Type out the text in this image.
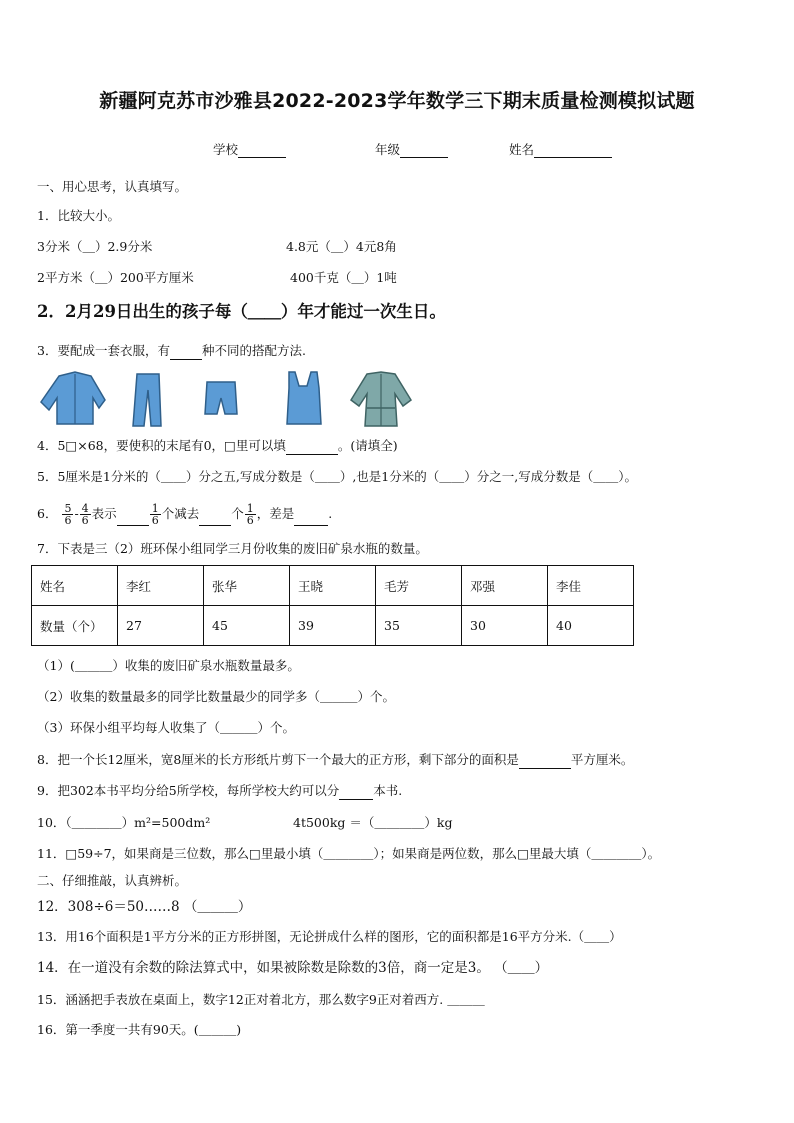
新疆阿克苏市沙雅县2022-2023学年数学三下期末质量检测模拟试题
学校	年级	姓名
一、用心思考，认真填写。
1．比较大小。
3分米（＿）2.9分米	4.8元（＿）4元8角
2平方米（＿）200平方厘米	400千克（＿）1吨
2．2月29日出生的孩子每（＿＿）年才能过一次生日。
3．要配成一套衣服，有	种不同的搭配方法.
4．5□×68，要使积的末尾有0，□里可以填	。(请填全)
5．5厘米是1分米的（＿＿）分之五,写成分数是（＿＿）,也是1分米的（＿＿）分之一,写成分数是（＿＿）。
6． $\frac{5}{6} - \frac{4}{6}$ 表示	$\frac{1}{6}$ 个减去	个 $\frac{1}{6}$ ，差是	.
7．下表是三（2）班环保小组同学三月份收集的废旧矿泉水瓶的数量。
姓名	李红	张华	王晓	毛芳	邓强	李佳
数量（个）	27	45	39	35	30	40
（1）(＿＿＿）收集的废旧矿泉水瓶数量最多。
（2）收集的数量最多的同学比数量最少的同学多（＿＿＿）个。
（3）环保小组平均每人收集了（＿＿＿）个。
8．把一个长12厘米，宽8厘米的长方形纸片剪下一个最大的正方形，剩下部分的面积是	平方厘米。
9．把302本书平均分给5所学校，每所学校大约可以分	本书.
10．（＿＿＿＿）m²=500dm²	4t500kg ＝（＿＿＿＿）kg
11．□59÷7，如果商是三位数，那么□里最小填（＿＿＿＿）；如果商是两位数，那么□里最大填（＿＿＿＿）。
二、仔细推敲，认真辨析。
12．308÷6＝50……8 （＿＿＿）
13．用16个面积是1平方分米的正方形拼图，无论拼成什么样的图形，它的面积都是16平方分米.（＿＿）
14．在一道没有余数的除法算式中，如果被除数是除数的3倍，商一定是3。 （＿＿）
15．涵涵把手表放在桌面上，数字12正对着北方，那么数字9正对着西方. ＿＿＿
16．第一季度一共有90天。(＿＿＿)
